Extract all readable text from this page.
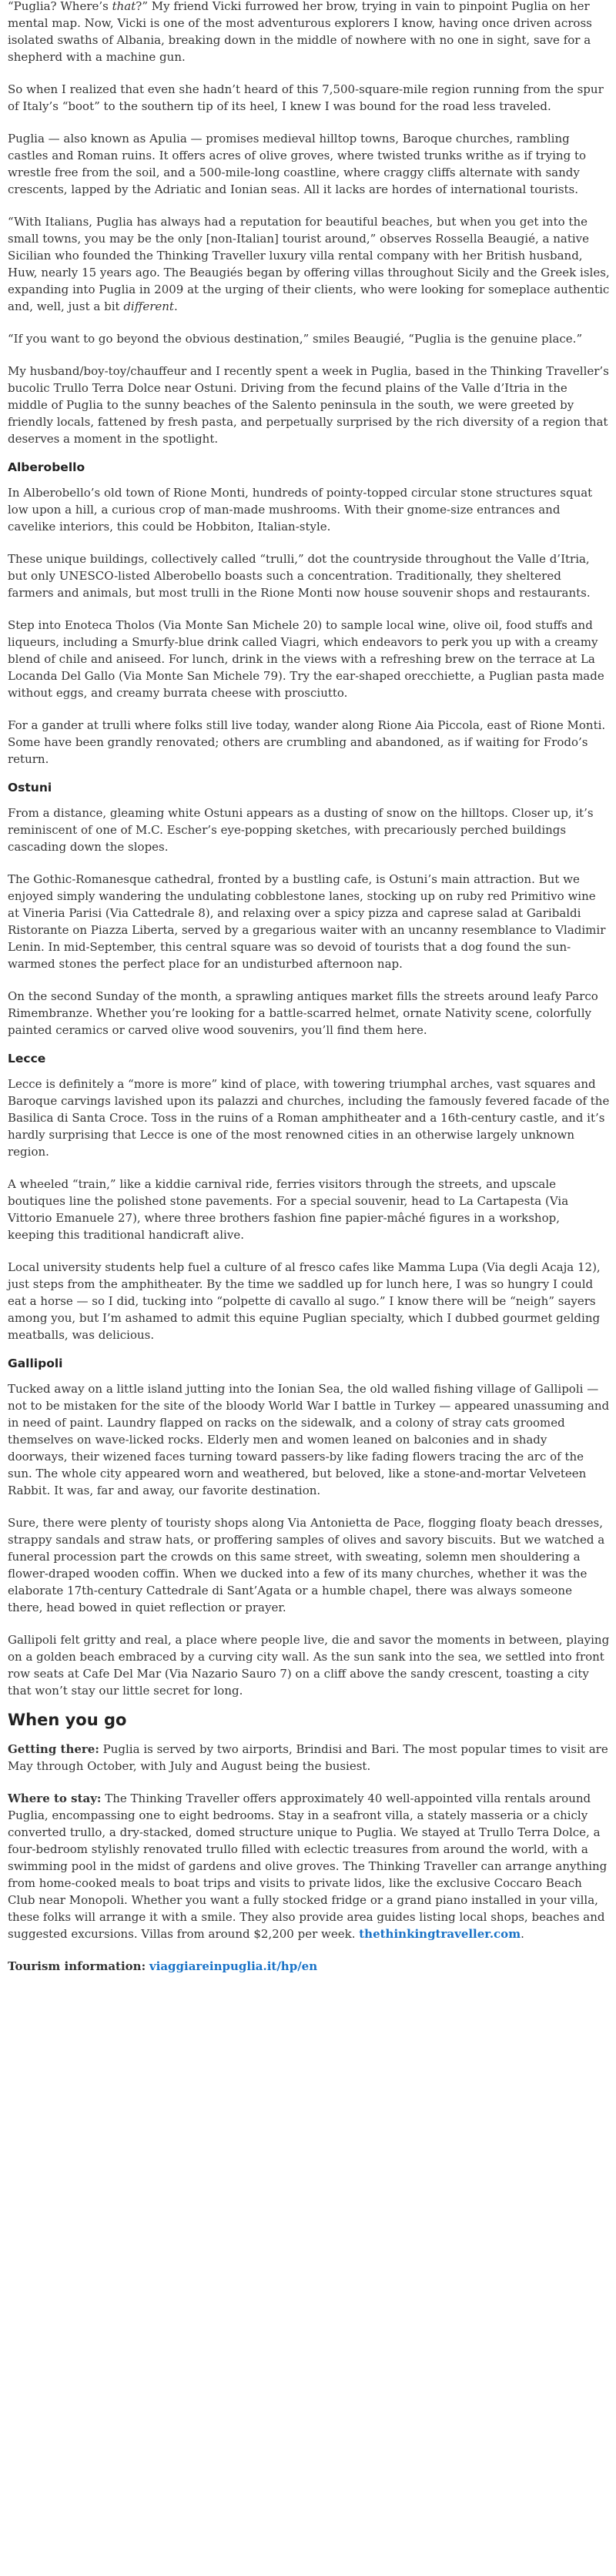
“Puglia? Where’s that?” My friend Vicki furrowed her brow, trying in vain to pinpoint Puglia on her mental map. Now, Vicki is one of the most adventurous explorers I know, having once driven across isolated swaths of Albania, breaking down in the middle of nowhere with no one in sight, save for a shepherd with a machine gun.

So when I realized that even she hadn’t heard of this 7,500-square-mile region running from the spur of Italy’s “boot” to the southern tip of its heel, I knew I was bound for the road less traveled.

Puglia — also known as Apulia — promises medieval hilltop towns, Baroque churches, rambling castles and Roman ruins. It offers acres of olive groves, where twisted trunks writhe as if trying to wrestle free from the soil, and a 500-mile-long coastline, where craggy cliffs alternate with sandy crescents, lapped by the Adriatic and Ionian seas. All it lacks are hordes of international tourists.

“With Italians, Puglia has always had a reputation for beautiful beaches, but when you get into the small towns, you may be the only [non-Italian] tourist around,” observes Rossella Beaugié, a native Sicilian who founded the Thinking Traveller luxury villa rental company with her British husband, Huw, nearly 15 years ago. The Beaugiés began by offering villas throughout Sicily and the Greek isles, expanding into Puglia in 2009 at the urging of their clients, who were looking for someplace authentic and, well, just a bit different.

“If you want to go beyond the obvious destination,” smiles Beaugié, “Puglia is the genuine place.”

My husband/boy-toy/chauffeur and I recently spent a week in Puglia, based in the Thinking Traveller’s bucolic Trullo Terra Dolce near Ostuni. Driving from the fecund plains of the Valle d’Itria in the middle of Puglia to the sunny beaches of the Salento peninsula in the south, we were greeted by friendly locals, fattened by fresh pasta, and perpetually surprised by the rich diversity of a region that deserves a moment in the spotlight.

Alberobello

In Alberobello’s old town of Rione Monti, hundreds of pointy-topped circular stone structures squat low upon a hill, a curious crop of man-made mushrooms. With their gnome-size entrances and cavelike interiors, this could be Hobbiton, Italian-style.

These unique buildings, collectively called “trulli,” dot the countryside throughout the Valle d’Itria, but only UNESCO-listed Alberobello boasts such a concentration. Traditionally, they sheltered farmers and animals, but most trulli in the Rione Monti now house souvenir shops and restaurants.

Step into Enoteca Tholos (Via Monte San Michele 20) to sample local wine, olive oil, food stuffs and liqueurs, including a Smurfy-blue drink called Viagri, which endeavors to perk you up with a creamy blend of chile and aniseed. For lunch, drink in the views with a refreshing brew on the terrace at La Locanda Del Gallo (Via Monte San Michele 79). Try the ear-shaped orecchiette, a Puglian pasta made without eggs, and creamy burrata cheese with prosciutto.

For a gander at trulli where folks still live today, wander along Rione Aia Piccola, east of Rione Monti. Some have been grandly renovated; others are crumbling and abandoned, as if waiting for Frodo’s return.

Ostuni

From a distance, gleaming white Ostuni appears as a dusting of snow on the hilltops. Closer up, it’s reminiscent of one of M.C. Escher’s eye-popping sketches, with precariously perched buildings cascading down the slopes.

The Gothic-Romanesque cathedral, fronted by a bustling cafe, is Ostuni’s main attraction. But we enjoyed simply wandering the undulating cobblestone lanes, stocking up on ruby red Primitivo wine at Vineria Parisi (Via Cattedrale 8), and relaxing over a spicy pizza and caprese salad at Garibaldi Ristorante on Piazza Liberta, served by a gregarious waiter with an uncanny resemblance to Vladimir Lenin. In mid-September, this central square was so devoid of tourists that a dog found the sun-warmed stones the perfect place for an undisturbed afternoon nap.

On the second Sunday of the month, a sprawling antiques market fills the streets around leafy Parco Rimembranze. Whether you’re looking for a battle-scarred helmet, ornate Nativity scene, colorfully painted ceramics or carved olive wood souvenirs, you’ll find them here.

Lecce

Lecce is definitely a “more is more” kind of place, with towering triumphal arches, vast squares and Baroque carvings lavished upon its palazzi and churches, including the famously fevered facade of the Basilica di Santa Croce. Toss in the ruins of a Roman amphitheater and a 16th-century castle, and it’s hardly surprising that Lecce is one of the most renowned cities in an otherwise largely unknown region.

A wheeled “train,” like a kiddie carnival ride, ferries visitors through the streets, and upscale boutiques line the polished stone pavements. For a special souvenir, head to La Cartapesta (Via Vittorio Emanuele 27), where three brothers fashion fine papier-mâché figures in a workshop, keeping this traditional handicraft alive.

Local university students help fuel a culture of al fresco cafes like Mamma Lupa (Via degli Acaja 12), just steps from the amphitheater. By the time we saddled up for lunch here, I was so hungry I could eat a horse — so I did, tucking into “polpette di cavallo al sugo.” I know there will be “neigh” sayers among you, but I’m ashamed to admit this equine Puglian specialty, which I dubbed gourmet gelding meatballs, was delicious.

Gallipoli

Tucked away on a little island jutting into the Ionian Sea, the old walled fishing village of Gallipoli — not to be mistaken for the site of the bloody World War I battle in Turkey — appeared unassuming and in need of paint. Laundry flapped on racks on the sidewalk, and a colony of stray cats groomed themselves on wave-licked rocks. Elderly men and women leaned on balconies and in shady doorways, their wizened faces turning toward passers-by like fading flowers tracing the arc of the sun. The whole city appeared worn and weathered, but beloved, like a stone-and-mortar Velveteen Rabbit. It was, far and away, our favorite destination.

Sure, there were plenty of touristy shops along Via Antonietta de Pace, flogging floaty beach dresses, strappy sandals and straw hats, or proffering samples of olives and savory biscuits. But we watched a funeral procession part the crowds on this same street, with sweating, solemn men shouldering a flower-draped wooden coffin. When we ducked into a few of its many churches, whether it was the elaborate 17th-century Cattedrale di Sant’Agata or a humble chapel, there was always someone there, head bowed in quiet reflection or prayer.

Gallipoli felt gritty and real, a place where people live, die and savor the moments in between, playing on a golden beach embraced by a curving city wall. As the sun sank into the sea, we settled into front row seats at Cafe Del Mar (Via Nazario Sauro 7) on a cliff above the sandy crescent, toasting a city that won’t stay our little secret for long.

When you go

Getting there: Puglia is served by two airports, Brindisi and Bari. The most popular times to visit are May through October, with July and August being the busiest.

Where to stay: The Thinking Traveller offers approximately 40 well-appointed villa rentals around Puglia, encompassing one to eight bedrooms. Stay in a seafront villa, a stately masseria or a chicly converted trullo, a dry-stacked, domed structure unique to Puglia. We stayed at Trullo Terra Dolce, a four-bedroom stylishly renovated trullo filled with eclectic treasures from around the world, with a swimming pool in the midst of gardens and olive groves. The Thinking Traveller can arrange anything from home-cooked meals to boat trips and visits to private lidos, like the exclusive Coccaro Beach Club near Monopoli. Whether you want a fully stocked fridge or a grand piano installed in your villa, these folks will arrange it with a smile. They also provide area guides listing local shops, beaches and suggested excursions. Villas from around $2,200 per week. thethinkingtraveller.com.

Tourism information: viaggiareinpuglia.it/hp/en
